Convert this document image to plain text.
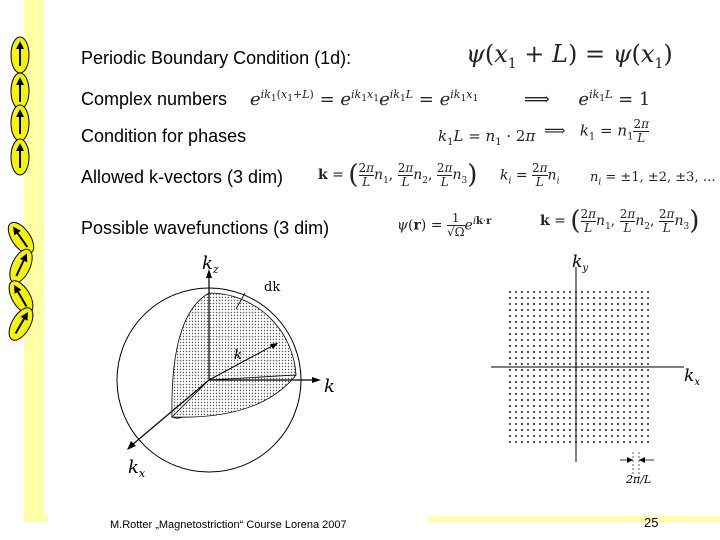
Periodic Boundary Condition (1d):
Complex numbers
Condition for phases
Allowed k-vectors (3 dim)
Possible wavefunctions (3 dim)
$\psi(x_1 + L) = \psi(x_1)$
$e^{ik_1(x_1+L)} = e^{ik_1x_1}e^{ik_1L} = e^{ik_1x_1}$	⟹     $e^{ik_1L} = 1$
$k_1L = n_1 \cdot 2\pi$ ⟹   $k_1 = n_1 \frac{2\pi}{L}$
k = ( $\frac{2\pi}{L} n_1$, $\frac{2\pi}{L} n_2$, $\frac{2\pi}{L} n_3$) $k_i = \frac{2\pi}{L} n_i$ $n_i = \pm 1$, ±2, ±3, …
$\psi(r) = \frac{1}{√\Omega} e^{ik\cdot r}$	k = ( $\frac{2\pi}{L} n_1$, $\frac{2\pi}{L} n_2$, $\frac{2\pi}{L} n_3$)
$k_z$
$k_x$
k
k
dk
$k_y$
$k_x$
2π/L
M.Rotter „Magnetostriction“ Course Lorena 2007	25
